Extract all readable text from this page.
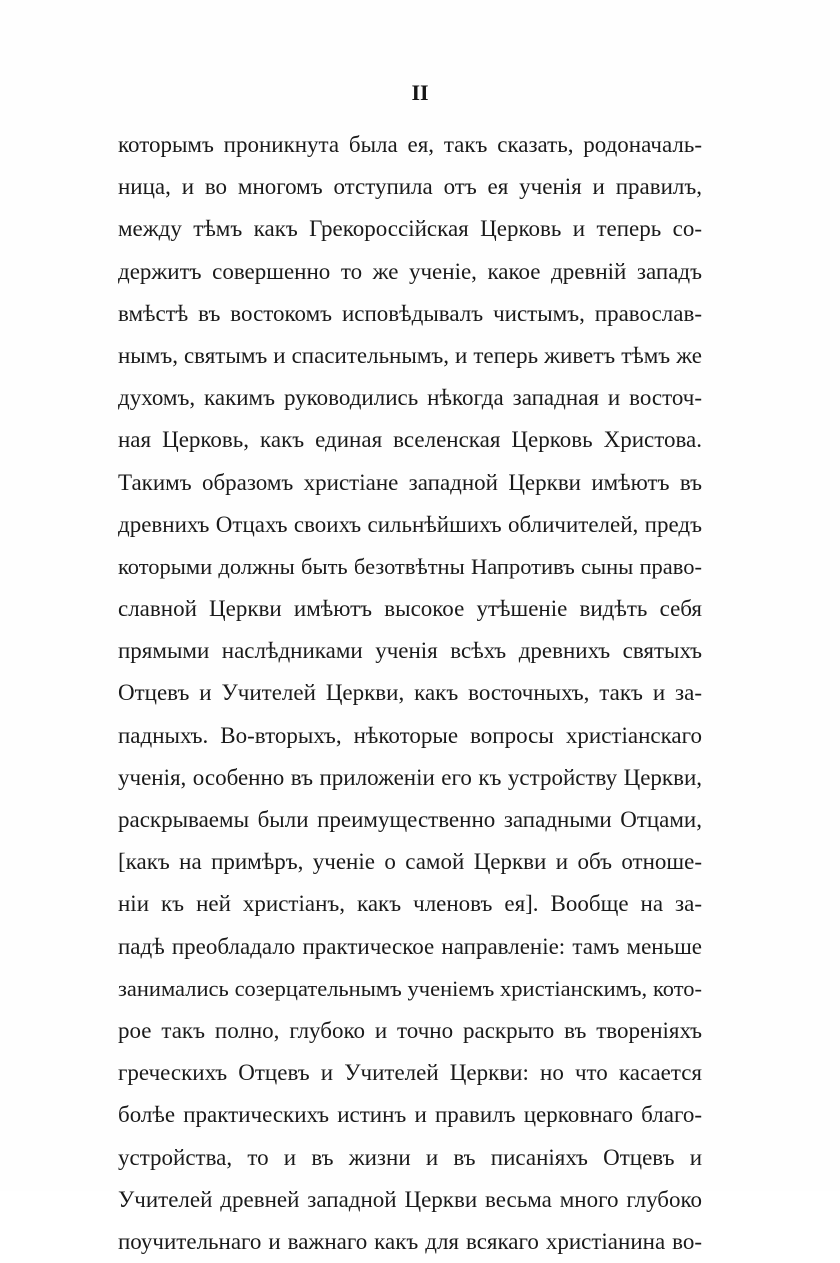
II
которымъ проникнута была ея, такъ сказать, родоначаль-
ница, и во многомъ отступила отъ ея ученія и правилъ,
между тѣмъ какъ Грекороссійская Церковь и теперь со-
держитъ совершенно то же ученіе, какое древній западъ
вмѣстѣ въ востокомъ исповѣдывалъ чистымъ, православ-
нымъ, святымъ и спасительнымъ, и теперь живетъ тѣмъ же
духомъ, какимъ руководились нѣкогда западная и восточ-
ная Церковь, какъ единая вселенская Церковь Христова.
Такимъ образомъ христіане западной Церкви имѣютъ въ
древнихъ Отцахъ своихъ сильнѣйшихъ обличителей, предъ
которыми должны быть безотвѣтны Напротивъ сыны право-
славной Церкви имѣютъ высокое утѣшеніе видѣть себя
прямыми наслѣдниками ученія всѣхъ древнихъ святыхъ
Отцевъ и Учителей Церкви, какъ восточныхъ, такъ и за-
падныхъ. Во-вторыхъ, нѣкоторые вопросы христіанскаго
ученія, особенно въ приложеніи его къ устройству Церкви,
раскрываемы были преимущественно западными Отцами,
[какъ на примѣръ, ученіе о самой Церкви и объ отноше-
ніи къ ней христіанъ, какъ членовъ ея]. Вообще на за-
падѣ преобладало практическое направленіе: тамъ меньше
занимались созерцательнымъ ученіемъ христіанскимъ, кото-
рое такъ полно, глубоко и точно раскрыто въ твореніяхъ
греческихъ Отцевъ и Учителей Церкви: но что касается
болѣе практическихъ истинъ и правилъ церковнаго благо-
устройства, то и въ жизни и въ писаніяхъ Отцевъ и
Учителей древней западной Церкви весьма много глубоко
поучительнаго и важнаго какъ для всякаго христіанина во-
